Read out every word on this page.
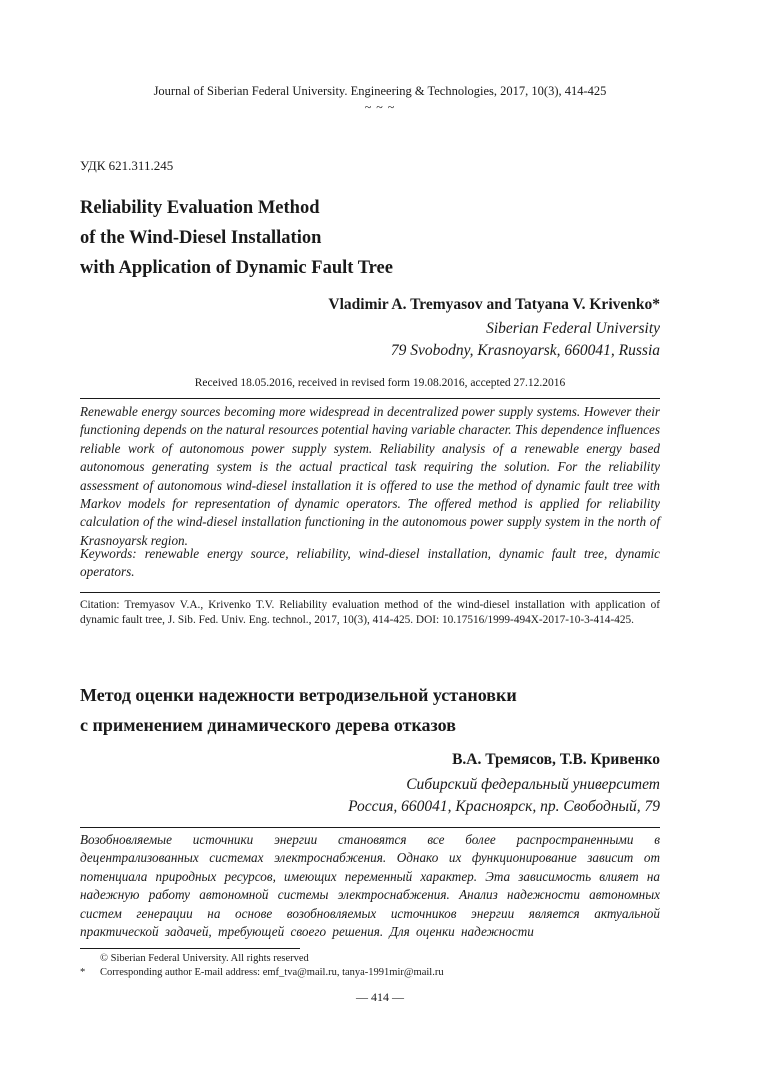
Journal of Siberian Federal University. Engineering & Technologies, 2017, 10(3), 414-425
~ ~ ~
УДК 621.311.245
Reliability Evaluation Method
of the Wind-Diesel Installation
with Application of Dynamic Fault Tree
Vladimir A. Tremyasov and Tatyana V. Krivenko*
Siberian Federal University
79 Svobodny, Krasnoyarsk, 660041, Russia
Received 18.05.2016, received in revised form 19.08.2016, accepted 27.12.2016
Renewable energy sources becoming more widespread in decentralized power supply systems. However their functioning depends on the natural resources potential having variable character. This dependence influences reliable work of autonomous power supply system. Reliability analysis of a renewable energy based autonomous generating system is the actual practical task requiring the solution. For the reliability assessment of autonomous wind-diesel installation it is offered to use the method of dynamic fault tree with Markov models for representation of dynamic operators. The offered method is applied for reliability calculation of the wind-diesel installation functioning in the autonomous power supply system in the north of Krasnoyarsk region.
Keywords: renewable energy source, reliability, wind-diesel installation, dynamic fault tree, dynamic operators.
Citation: Tremyasov V.A., Krivenko T.V. Reliability evaluation method of the wind-diesel installation with application of dynamic fault tree, J. Sib. Fed. Univ. Eng. technol., 2017, 10(3), 414-425. DOI: 10.17516/1999-494X-2017-10-3-414-425.
Метод оценки надежности ветродизельной установки
с применением динамического дерева отказов
В.А. Тремясов, Т.В. Кривенко
Сибирский федеральный университет
Россия, 660041, Красноярск, пр. Свободный, 79
Возобновляемые источники энергии становятся все более распространенными в децентрализованных системах электроснабжения. Однако их функционирование зависит от потенциала природных ресурсов, имеющих переменный характер. Эта зависимость влияет на надежную работу автономной системы электроснабжения. Анализ надежности автономных систем генерации на основе возобновляемых источников энергии является актуальной практической задачей, требующей своего решения. Для оценки надежности
© Siberian Federal University. All rights reserved
* Corresponding author E-mail address: emf_tva@mail.ru, tanya-1991mir@mail.ru
— 414 —
